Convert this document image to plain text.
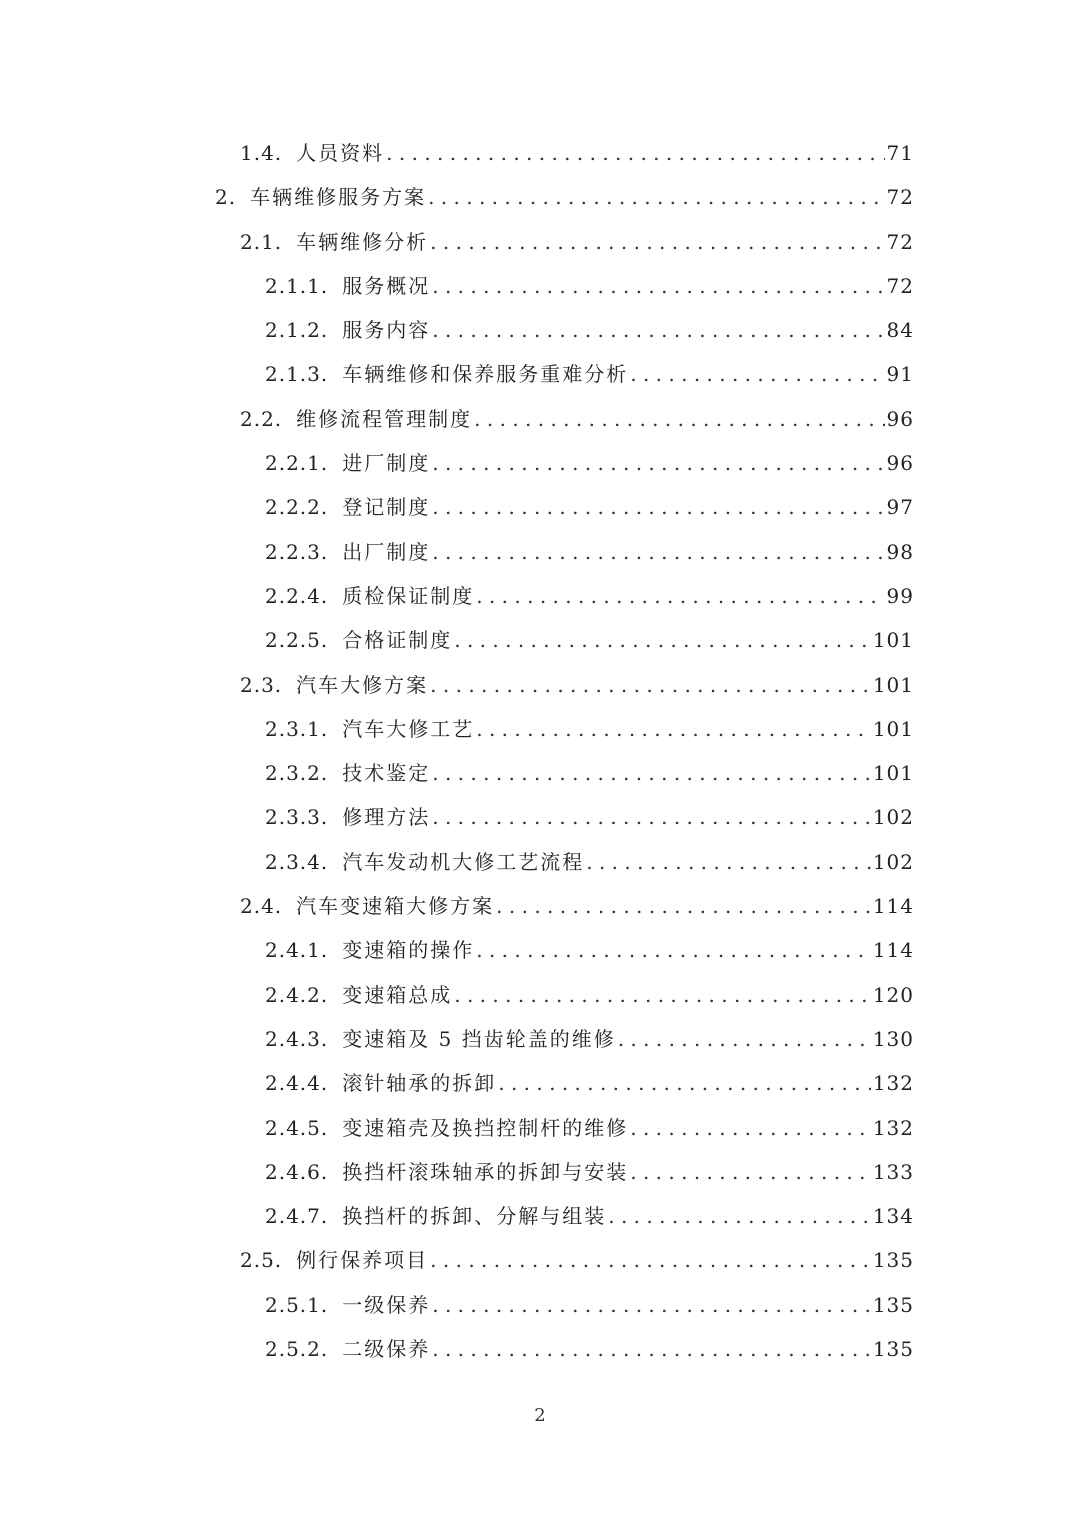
1.4. 人员资料 . . .	71
2. 车辆维修服务方案 . . .	72
2.1. 车辆维修分析 . . .	72
2.1.1. 服务概况 . . .	72
2.1.2. 服务内容 . . .	84
2.1.3. 车辆维修和保养服务重难分析 . . .	91
2.2. 维修流程管理制度 . . .	96
2.2.1. 进厂制度 . . .	96
2.2.2. 登记制度 . . .	97
2.2.3. 出厂制度 . . .	98
2.2.4. 质检保证制度 . . .	99
2.2.5. 合格证制度 . . .	101
2.3. 汽车大修方案 . . .	101
2.3.1. 汽车大修工艺 . . .	101
2.3.2. 技术鉴定 . . .	101
2.3.3. 修理方法 . . .	102
2.3.4. 汽车发动机大修工艺流程 . . .	102
2.4. 汽车变速箱大修方案 . . .	114
2.4.1. 变速箱的操作 . . .	114
2.4.2. 变速箱总成 . . .	120
2.4.3. 变速箱及 5 挡齿轮盖的维修 . . .	130
2.4.4. 滚针轴承的拆卸 . . .	132
2.4.5. 变速箱壳及换挡控制杆的维修 . . .	132
2.4.6. 换挡杆滚珠轴承的拆卸与安装 . . .	133
2.4.7. 换挡杆的拆卸、分解与组装 . . .	134
2.5. 例行保养项目 . . .	135
2.5.1. 一级保养 . . .	135
2.5.2. 二级保养 . . .	135
2
